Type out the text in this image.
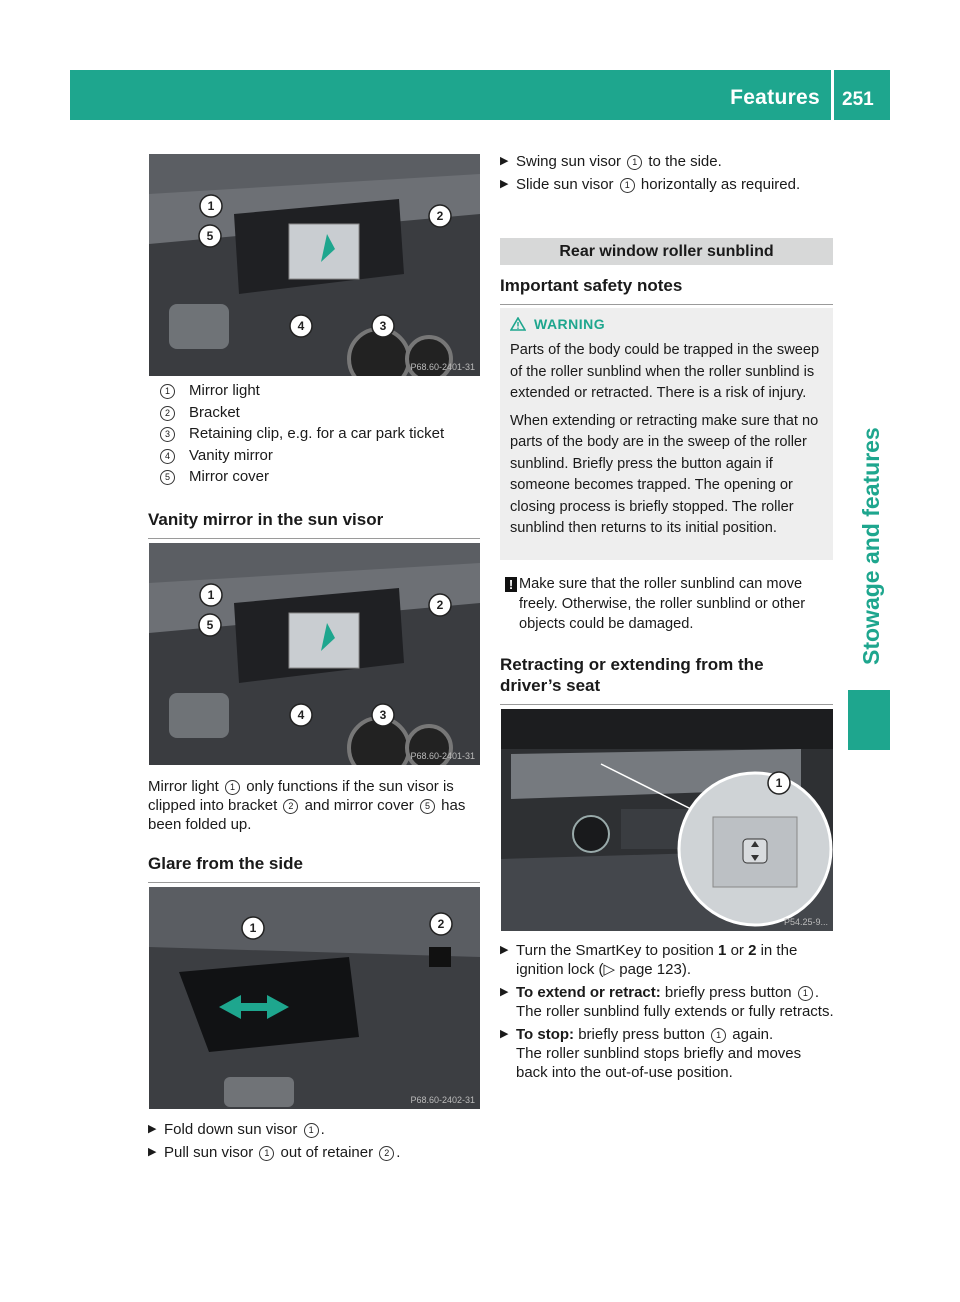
Features 251
Stowage and features
1
2
5
4	3
P68.60-2401-31
1	Mirror light
2	Bracket
3	Retaining clip, e.g. for a car park ticket
4	Vanity mirror
5	Mirror cover
Vanity mirror in the sun visor
1
2
5
4	3
P68.60-2401-31
Mirror light 1 only functions if the sun visor is clipped into bracket 2 and mirror cover 5 has been folded up.
Glare from the side
1	2
P68.60-2402-31
▶ Fold down sun visor 1 .
▶ Pull sun visor 1 out of retainer 2 .
▶ Swing sun visor 1 to the side.
▶ Slide sun visor 1 horizontally as required.
Rear window roller sunblind
Important safety notes
WARNING

Parts of the body could be trapped in the sweep of the roller sunblind when the roller sunblind is extended or retracted. There is a risk of injury.

When extending or retracting make sure that no parts of the body are in the sweep of the roller sunblind. Briefly press the button again if someone becomes trapped. The opening or closing process is briefly stopped. The roller sunblind then returns to its initial position.

! Make sure that the roller sunblind can move freely. Otherwise, the roller sunblind or other objects could be damaged.
Retracting or extending from the
driver’s seat
1
P54.25-9...
▶ Turn the SmartKey to position 1 or 2 in the ignition lock (▷ page 123).
▶ To extend or retract: briefly press button 1 .
The roller sunblind fully extends or fully retracts.
▶ To stop: briefly press button 1 again.
The roller sunblind stops briefly and moves back into the out-of-use position.
